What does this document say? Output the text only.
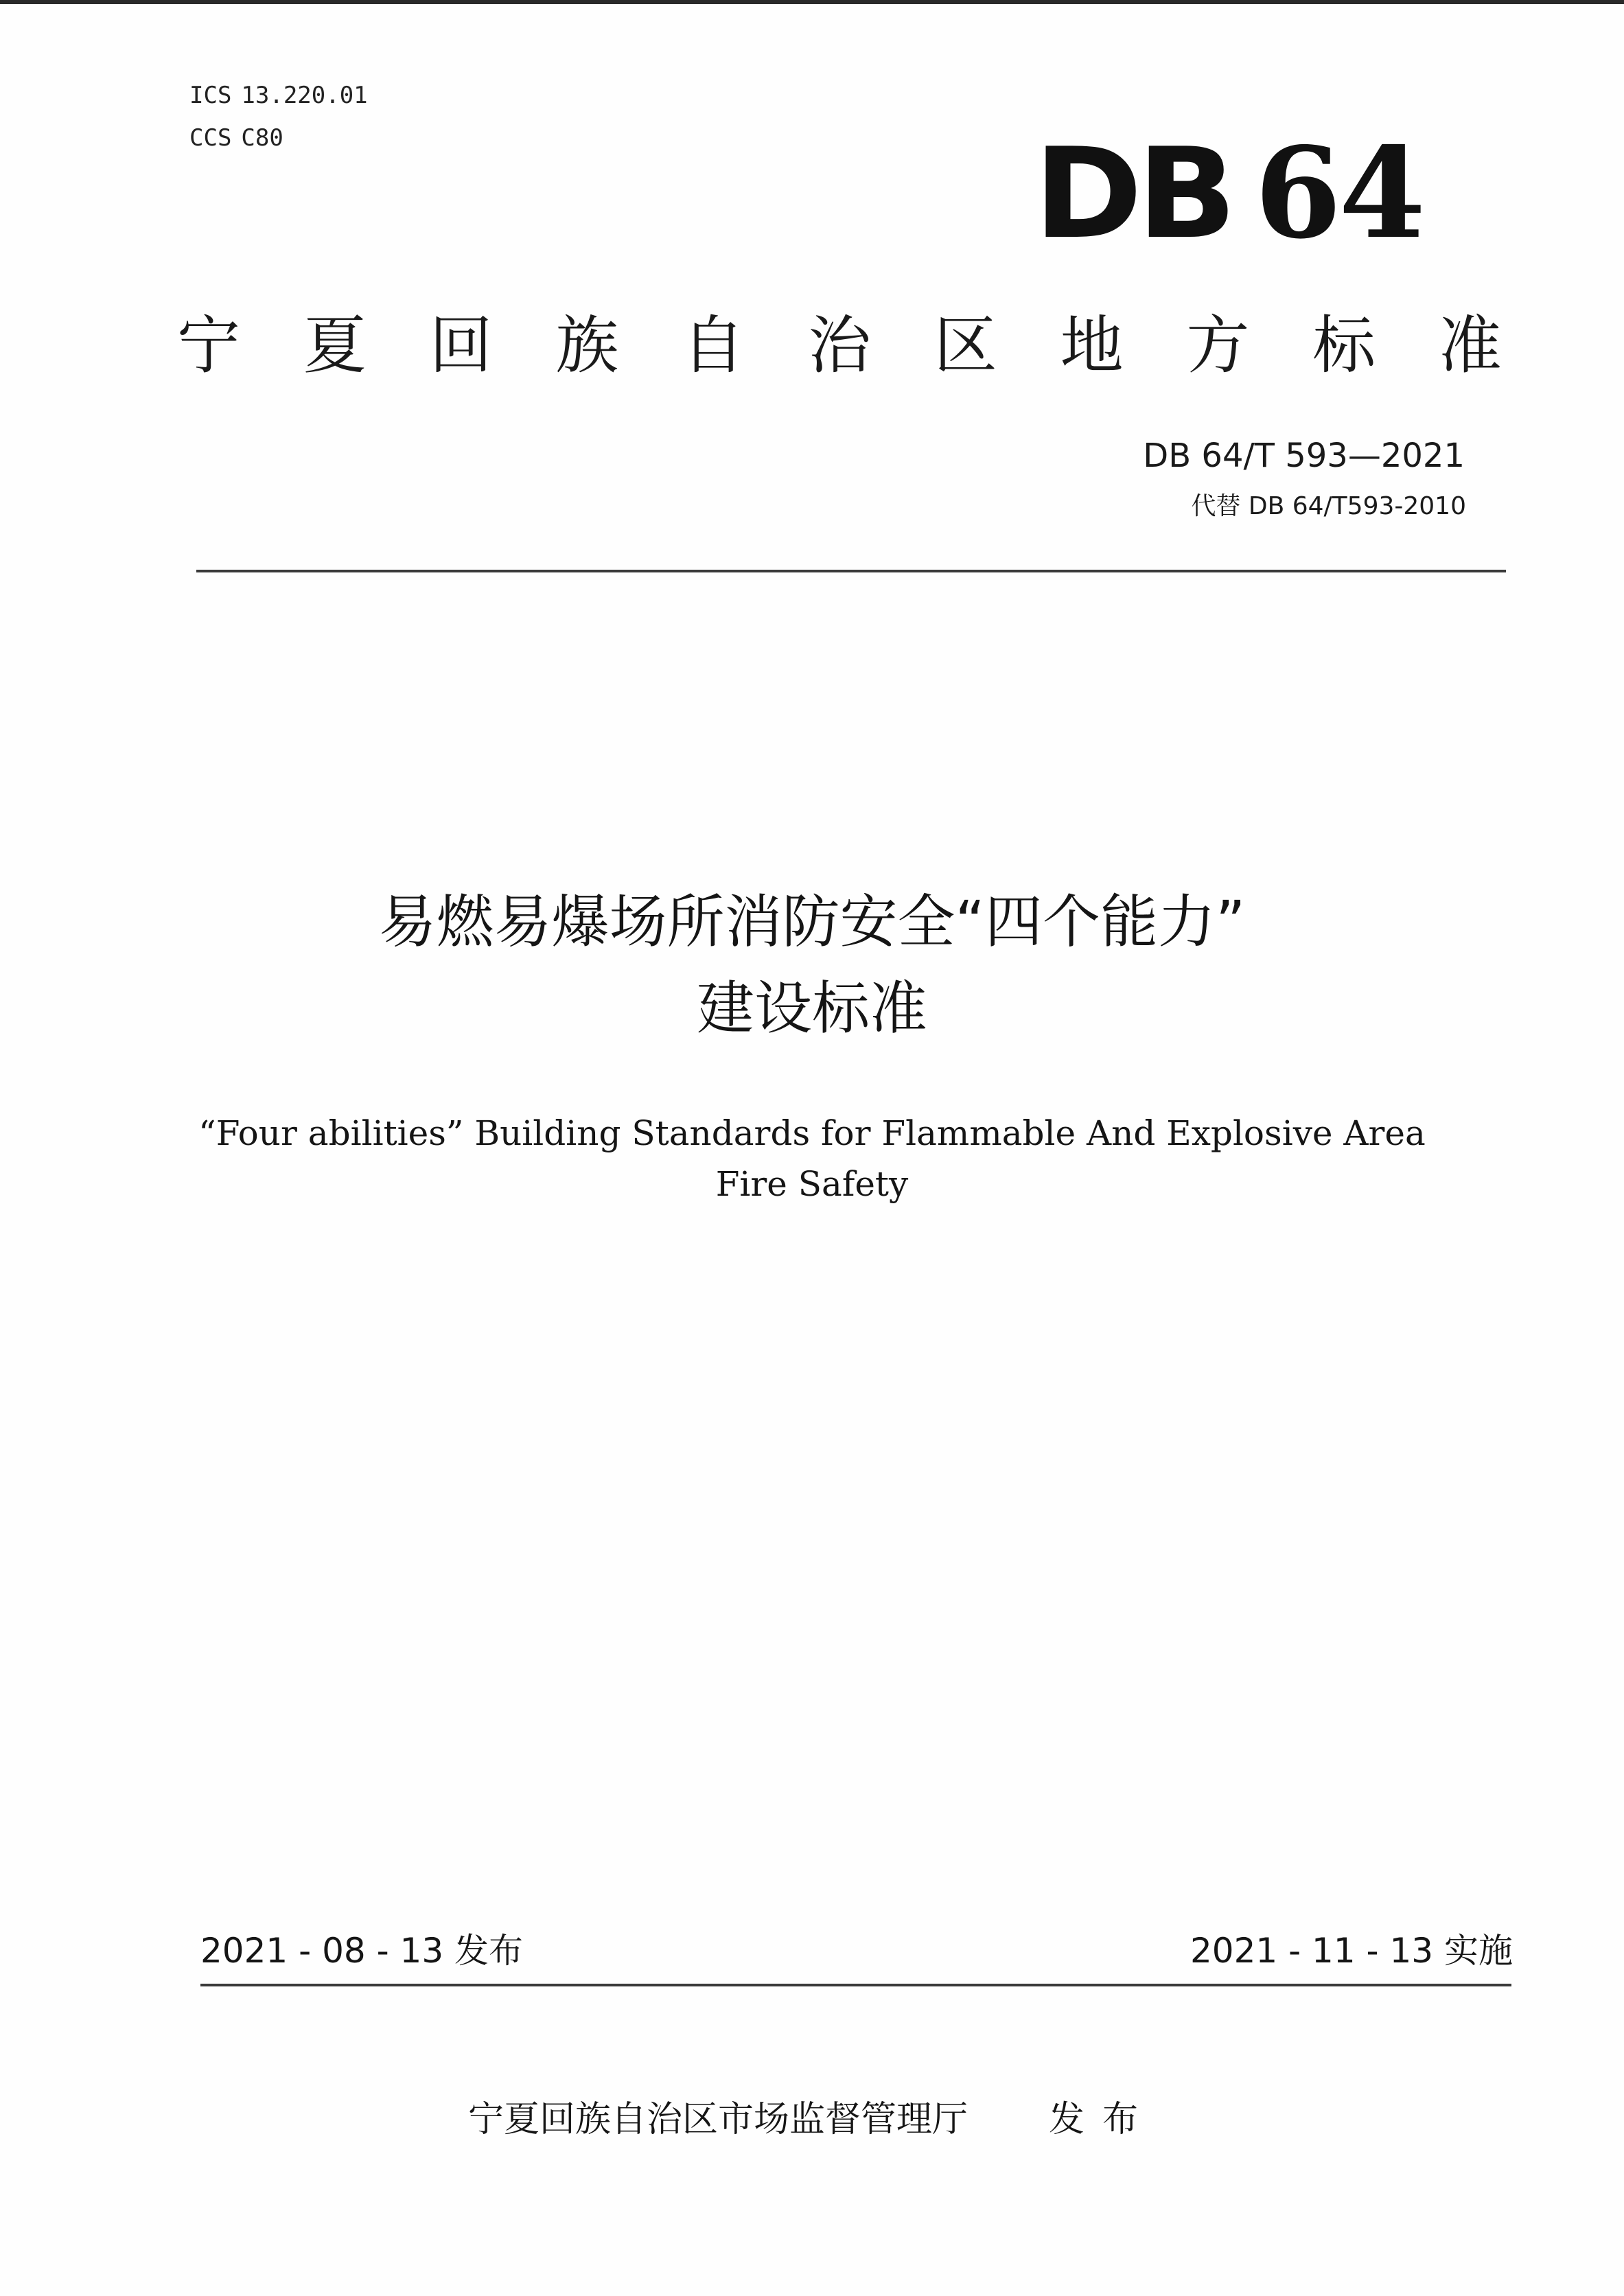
ICS 13.220.01
CCS C80	DB 64
宁 夏 回 族 自 治 区 地 方 标 准
DB 64/T 593—2021
代替 DB 64/T593-2010
易燃易爆场所消防安全“四个能力”
建设标准
“Four abilities” Building Standards for Flammable And Explosive Area
Fire Safety
2021 - 08 - 13 发布	2021 - 11 - 13 实施
宁夏回族自治区市场监督管理厅 发布
